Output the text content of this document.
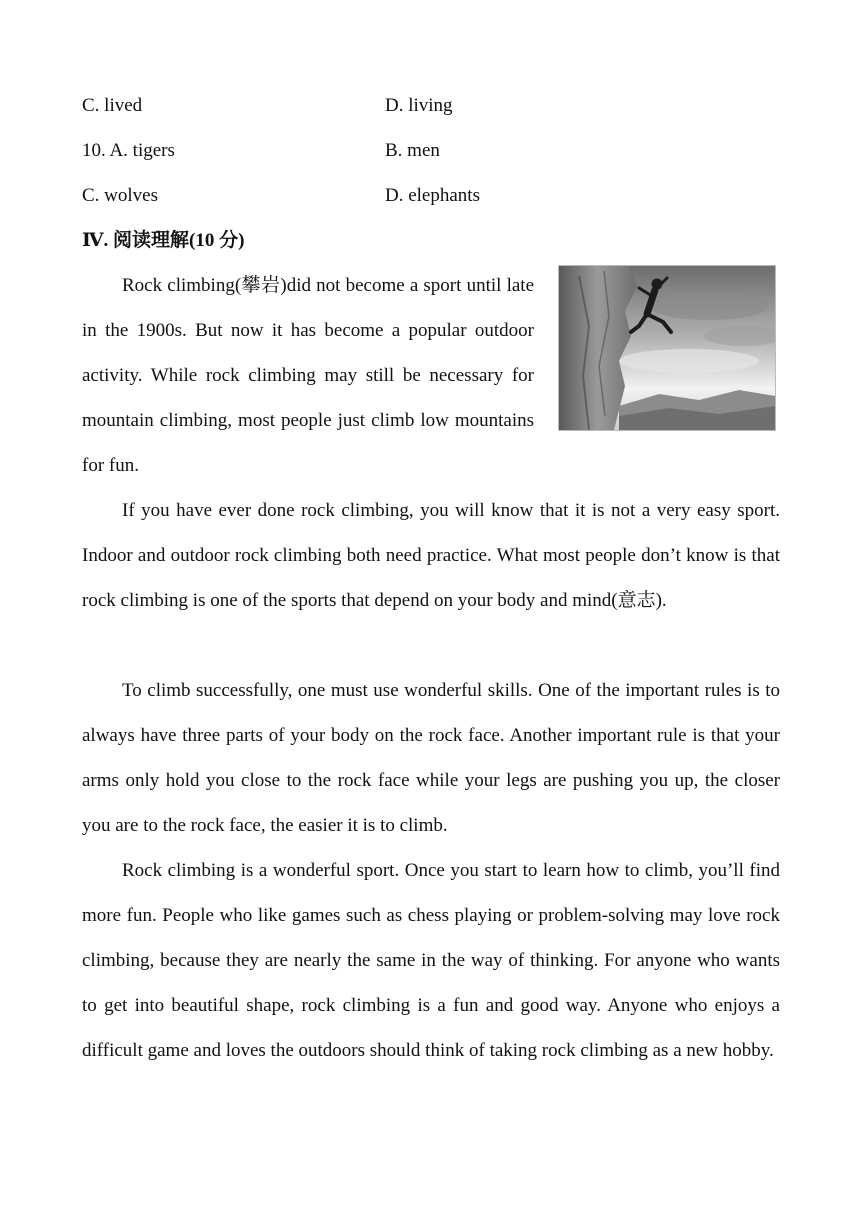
C. lived	D. living
10. A. tigers	B. men
C. wolves	D. elephants
Ⅳ. 阅读理解(10 分)

Rock climbing(攀岩)did not become a sport until late in the 1900s. But now it has become a popular outdoor activity. While rock climbing may still be necessary for mountain climbing, most people just climb low mountains for fun.

If you have ever done rock climbing, you will know that it is not a very easy sport. Indoor and outdoor rock climbing both need practice. What most people don’t know is that rock climbing is one of the sports that depend on your body and mind(意志).

To climb successfully, one must use wonderful skills. One of the important rules is to always have three parts of your body on the rock face. Another important rule is that your arms only hold you close to the rock face while your legs are pushing you up, the closer you are to the rock face, the easier it is to climb.

Rock climbing is a wonderful sport. Once you start to learn how to climb, you’ll find more fun. People who like games such as chess playing or problem-solving may love rock climbing, because they are nearly the same in the way of thinking. For anyone who wants to get into beautiful shape, rock climbing is a fun and good way. Anyone who enjoys a difficult game and loves the outdoors should think of taking rock climbing as a new hobby.
